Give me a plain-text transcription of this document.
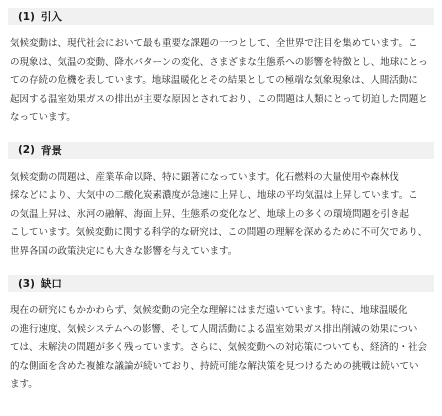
(1) 引入

気候変動は、現代社会において最も重要な課題の一つとして、全世界で注目を集めています。こ
の現象は、気温の変動、降水パターンの変化、さまざまな生態系への影響を特徴とし、地球にとっ
ての存続の危機を表しています。地球温暖化とその結果としての極端な気象現象は、人間活動に
起因する温室効果ガスの排出が主要な原因とされており、この問題は人類にとって切迫した問題と
なっています。

(2) 背景

気候変動の問題は、産業革命以降、特に顕著になっています。化石燃料の大量使用や森林伐
採などにより、大気中の二酸化炭素濃度が急速に上昇し、地球の平均気温は上昇しています。こ
の気温上昇は、氷河の融解、海面上昇、生態系の変化など、地球上の多くの環境問題を引き起
こしています。気候変動に関する科学的な研究は、この問題の理解を深めるために不可欠であり、
世界各国の政策決定にも大きな影響を与えています。

(3) 缺口

現在の研究にもかかわらず、気候変動の完全な理解にはまだ遠いています。特に、地球温暖化
の進行速度、気候システムへの影響、そして人間活動による温室効果ガス排出削減の効果につい
ては、未解決の問題が多く残っています。さらに、気候変動への対応策についても、経済的・社会
的な側面を含めた複雑な議論が続いており、持続可能な解決策を見つけるための挑戦は続いてい
ます。
